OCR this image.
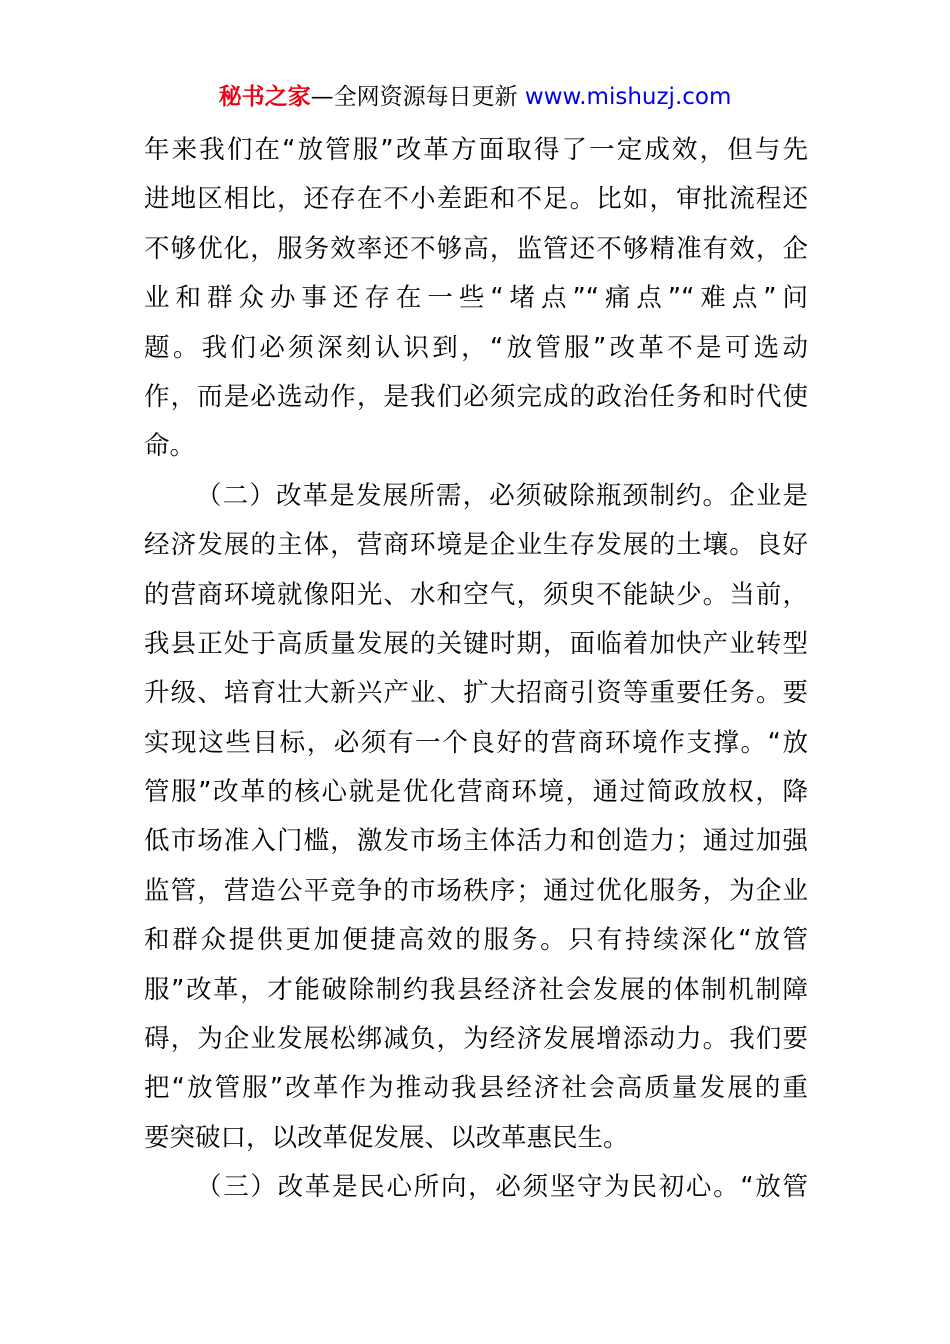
秘书之家—全网资源每日更新 www.mishuzj.com
年来我们在“放管服”改革方面取得了一定成效，但与先
进地区相比，还存在不小差距和不足。比如，审批流程还
不够优化，服务效率还不够高，监管还不够精准有效，企
业和群众办事还存在一些“堵点”“痛点”“难点”问
题。我们必须深刻认识到，“放管服”改革不是可选动
作，而是必选动作，是我们必须完成的政治任务和时代使
命。
（二）改革是发展所需，必须破除瓶颈制约。企业是
经济发展的主体，营商环境是企业生存发展的土壤。良好
的营商环境就像阳光、水和空气，须臾不能缺少。当前，
我县正处于高质量发展的关键时期，面临着加快产业转型
升级、培育壮大新兴产业、扩大招商引资等重要任务。要
实现这些目标，必须有一个良好的营商环境作支撑。“放
管服”改革的核心就是优化营商环境，通过简政放权，降
低市场准入门槛，激发市场主体活力和创造力；通过加强
监管，营造公平竞争的市场秩序；通过优化服务，为企业
和群众提供更加便捷高效的服务。只有持续深化“放管
服”改革，才能破除制约我县经济社会发展的体制机制障
碍，为企业发展松绑减负，为经济发展增添动力。我们要
把“放管服”改革作为推动我县经济社会高质量发展的重
要突破口，以改革促发展、以改革惠民生。
（三）改革是民心所向，必须坚守为民初心。“放管
